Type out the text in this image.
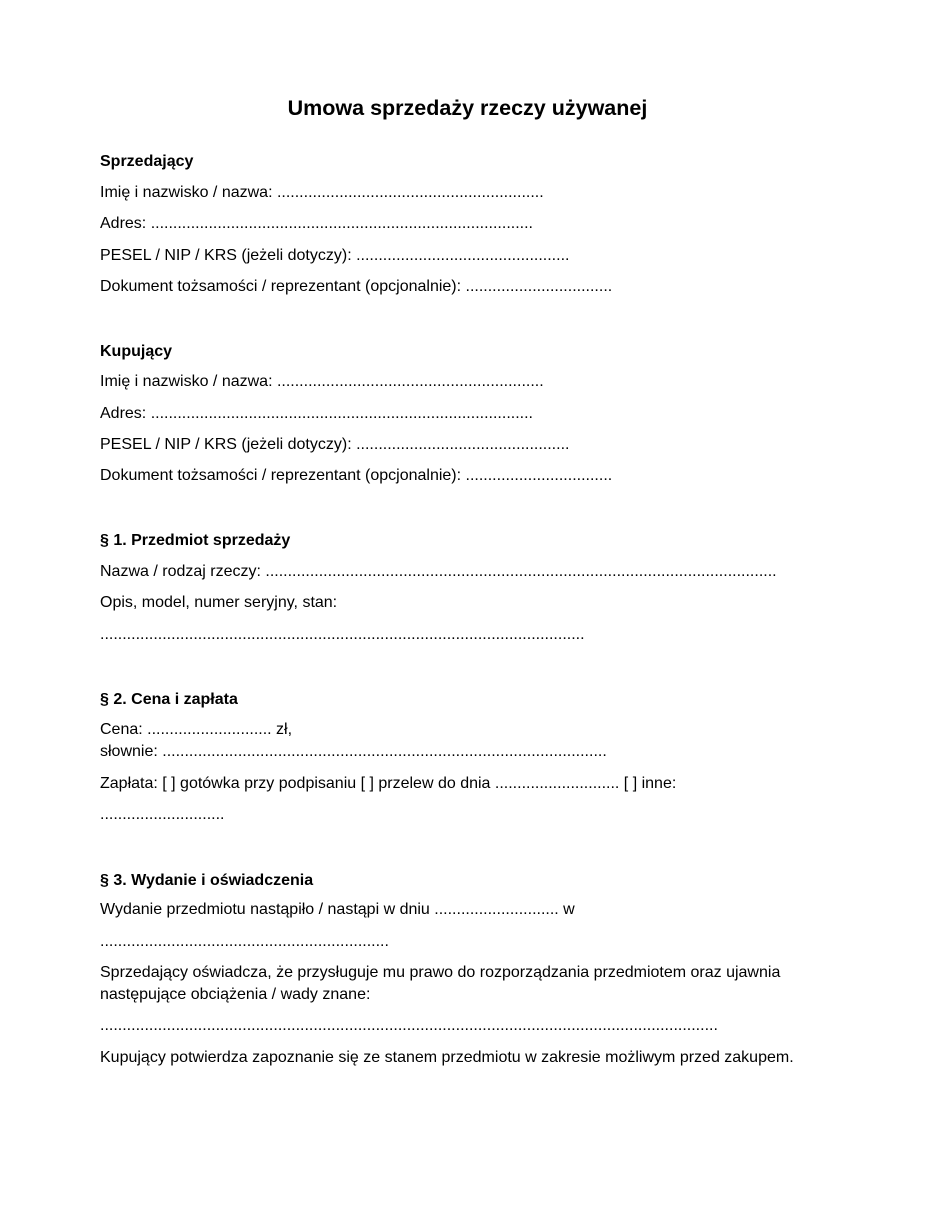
Umowa sprzedaży rzeczy używanej
Sprzedający
Imię i nazwisko / nazwa: ............................................................
Adres: ......................................................................................
PESEL / NIP / KRS (jeżeli dotyczy): ................................................
Dokument tożsamości / reprezentant (opcjonalnie): .................................
Kupujący
Imię i nazwisko / nazwa: ............................................................
Adres: ......................................................................................
PESEL / NIP / KRS (jeżeli dotyczy): ................................................
Dokument tożsamości / reprezentant (opcjonalnie): .................................
§ 1. Przedmiot sprzedaży
Nazwa / rodzaj rzeczy: ...................................................................................................................
Opis, model, numer seryjny, stan:
.............................................................................................................
§ 2. Cena i zapłata
Cena: ............................ zł,
słownie: ....................................................................................................
Zapłata: [ ] gotówka przy podpisaniu [ ] przelew do dnia ............................ [ ] inne:
............................
§ 3. Wydanie i oświadczenia
Wydanie przedmiotu nastąpiło / nastąpi w dniu ............................ w
.................................................................
Sprzedający oświadcza, że przysługuje mu prawo do rozporządzania przedmiotem oraz ujawnia następujące obciążenia / wady znane:
...........................................................................................................................................
Kupujący potwierdza zapoznanie się ze stanem przedmiotu w zakresie możliwym przed zakupem.
